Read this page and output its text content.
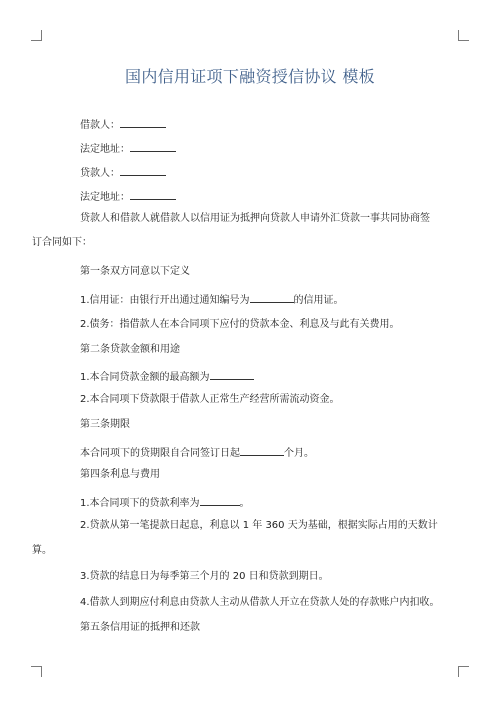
国内信用证项下融资授信协议 模板
借款人：
法定地址：
贷款人：
法定地址：
贷款人和借款人就借款人以信用证为抵押向贷款人申请外汇贷款一事共同协商签
订合同如下：
第一条双方同意以下定义
1.信用证：由银行开出通过通知编号为	的信用证。
2.债务：指借款人在本合同项下应付的贷款本金、利息及与此有关费用。
第二条贷款金额和用途
1.本合同贷款金额的最高额为
2.本合同项下贷款限于借款人正常生产经营所需流动资金。
第三条期限
本合同项下的贷期限自合同签订日起	个月。
第四条利息与费用
1.本合同项下的贷款利率为	。
2.贷款从第一笔提款日起息，利息以 1 年 360 天为基础，根据实际占用的天数计
算。
3.贷款的结息日为每季第三个月的 20 日和贷款到期日。
4.借款人到期应付利息由贷款人主动从借款人开立在贷款人处的存款账户内扣收。
第五条信用证的抵押和还款
